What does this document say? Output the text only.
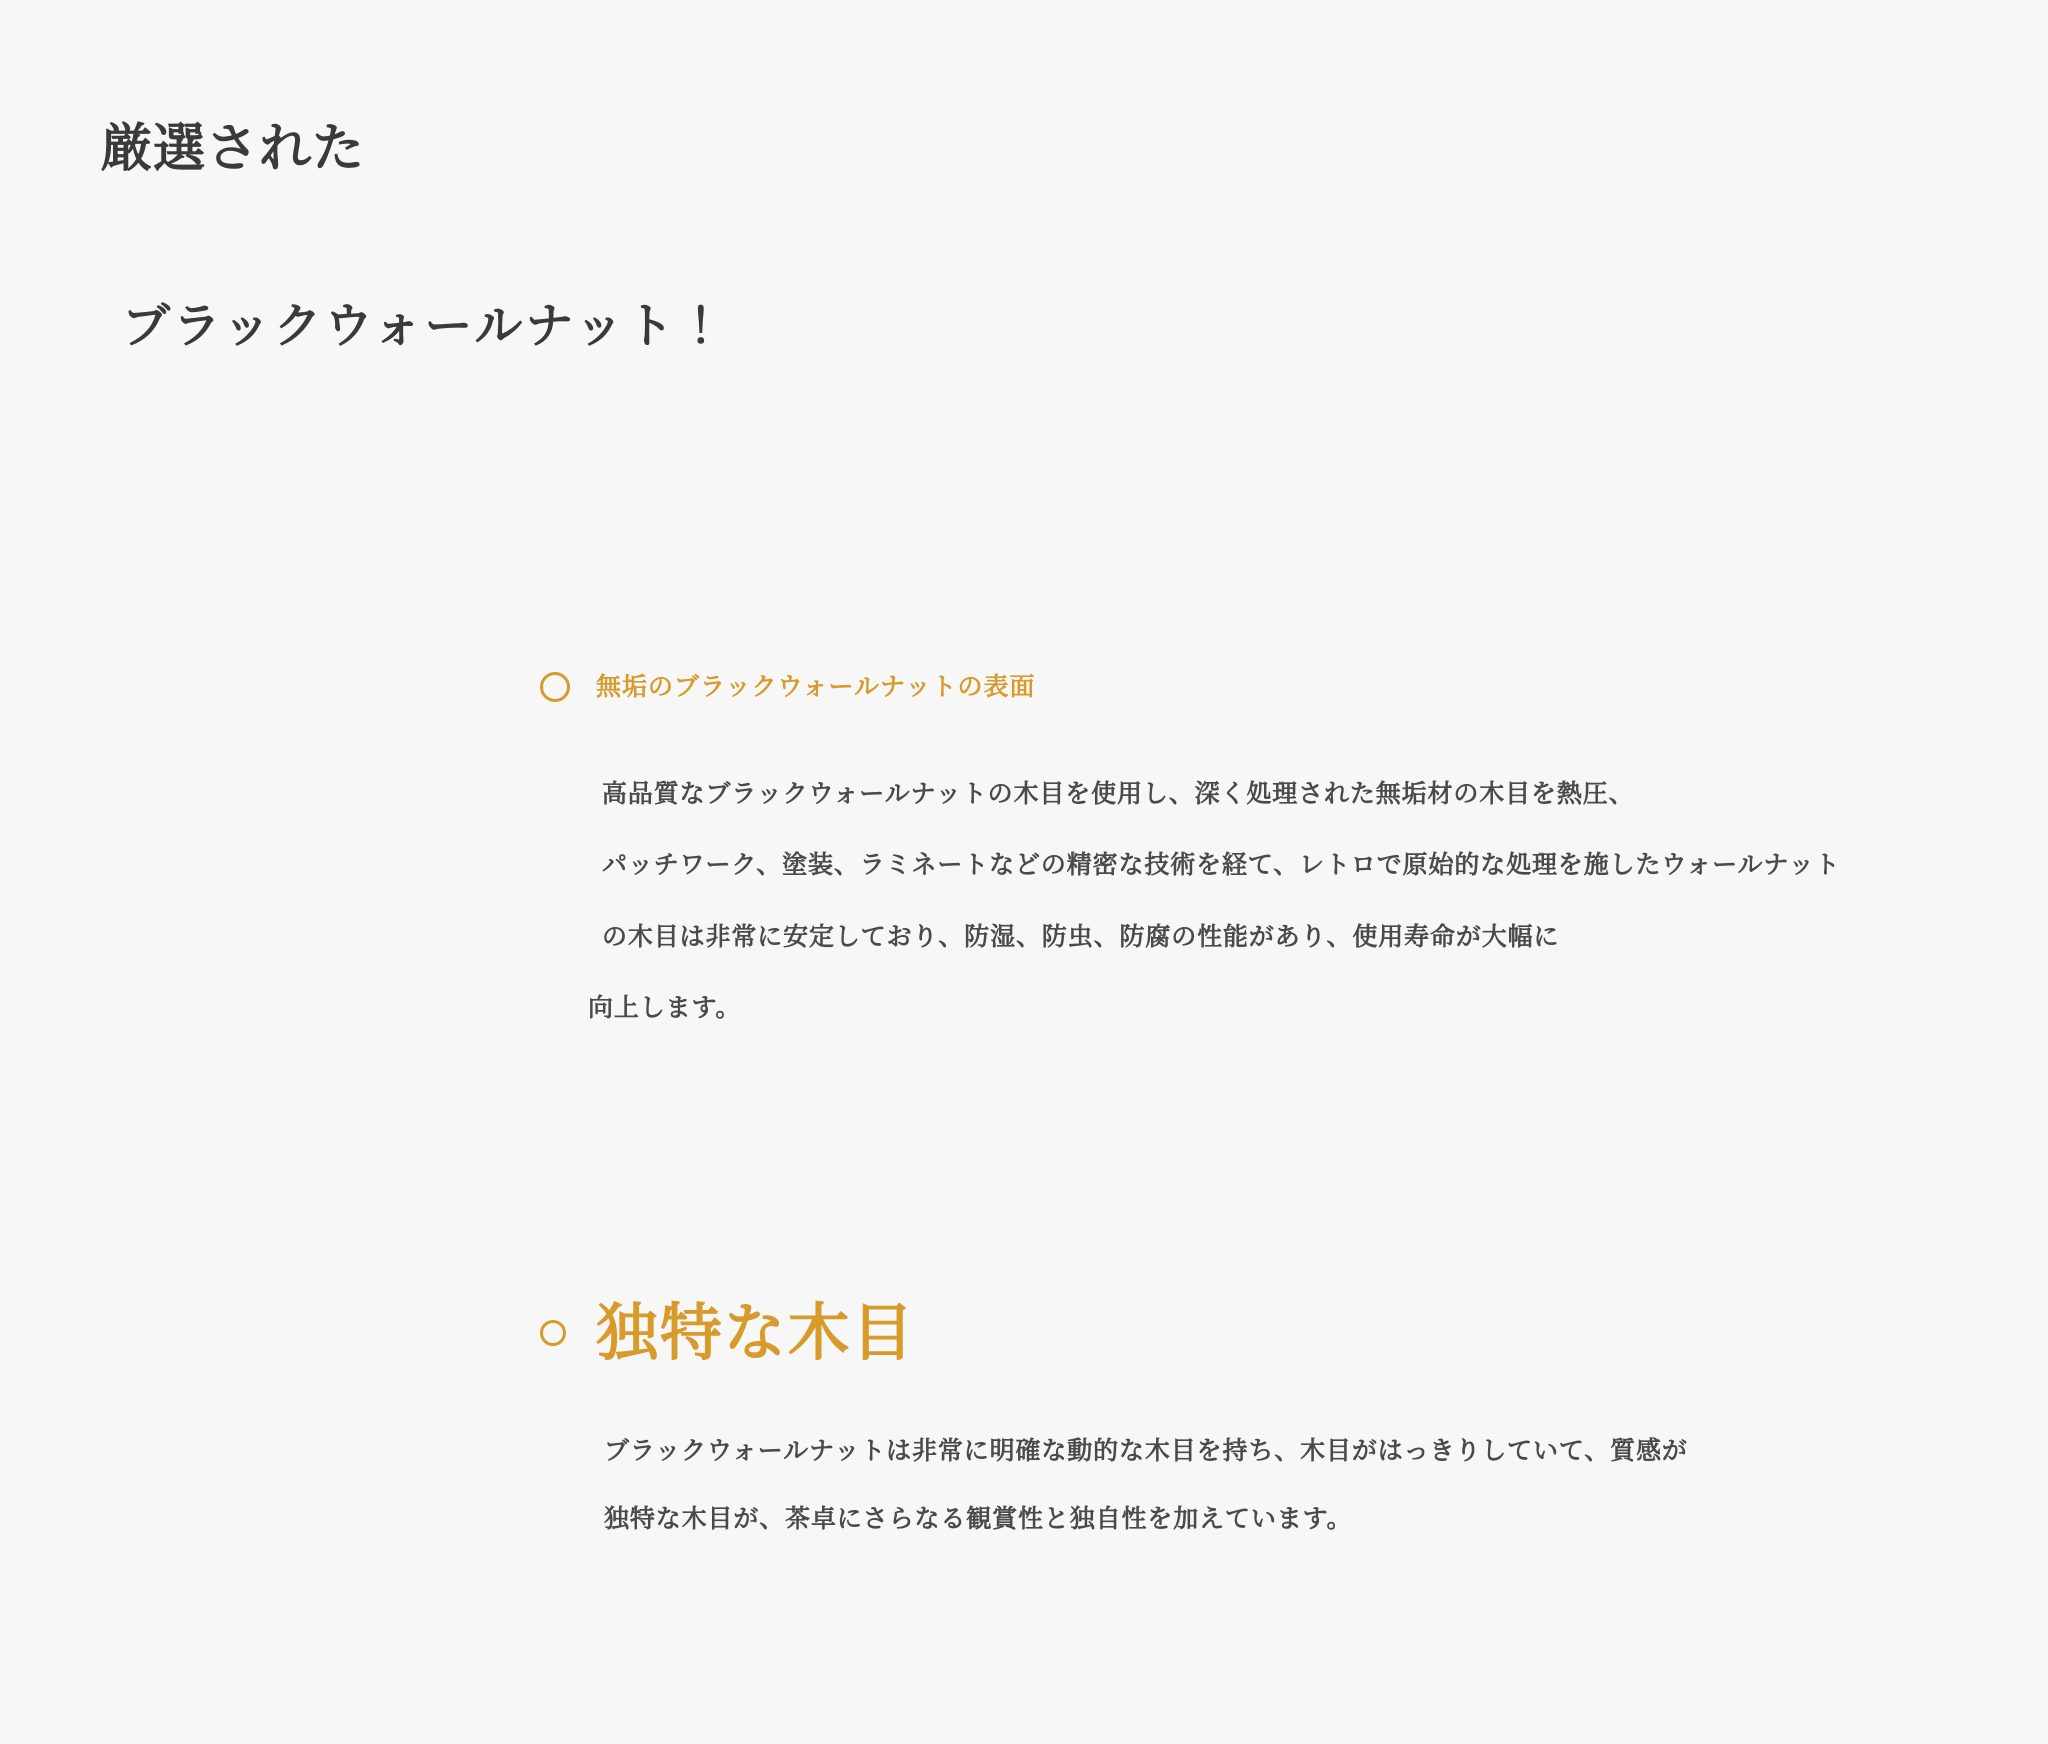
厳選された
ブラックウォールナット！
無垢のブラックウォールナットの表面
高品質なブラックウォールナットの木目を使用し、深く処理された無垢材の木目を熱圧、
パッチワーク、塗装、ラミネートなどの精密な技術を経て、レトロで原始的な処理を施したウォールナット
の木目は非常に安定しており、防湿、防虫、防腐の性能があり、使用寿命が大幅に
向上します。
独特な木目
ブラックウォールナットは非常に明確な動的な木目を持ち、木目がはっきりしていて、質感が
独特な木目が、茶卓にさらなる観賞性と独自性を加えています。
